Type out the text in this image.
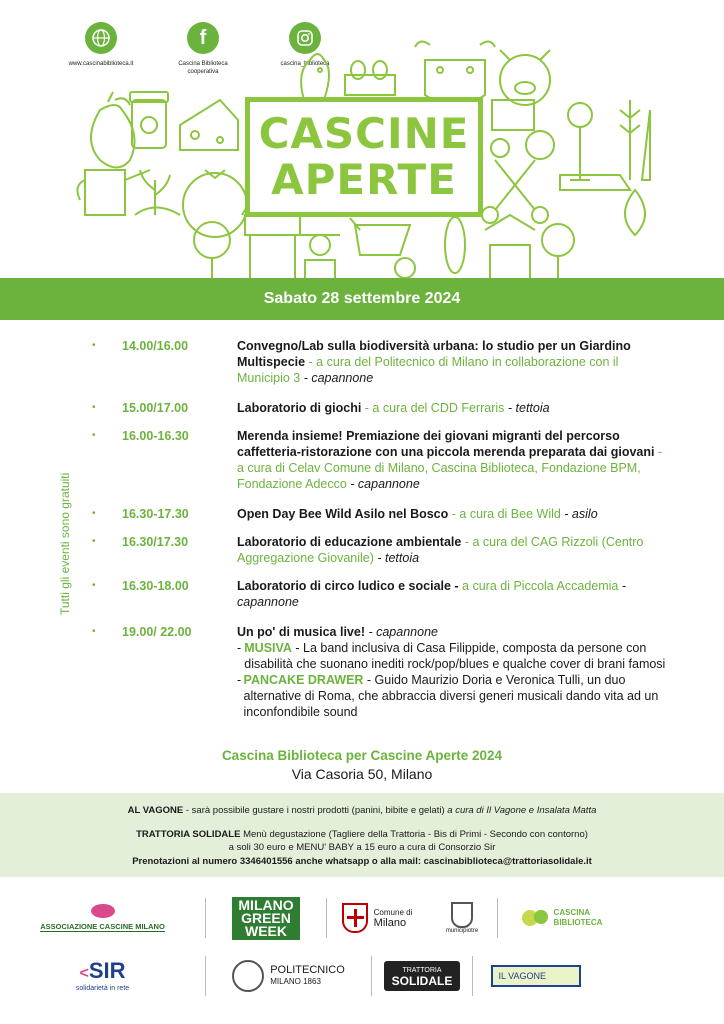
www.cascinabiblioteca.it
f
Cascina Biblioteca cooperativa
cascina_biblioteca
CASCINE
APERTE
Sabato 28 settembre 2024
Tutti gli eventi sono gratuiti
•	14.00/16.00	Convegno/Lab sulla biodiversità urbana: lo studio per un Giardino Multispecie - a cura del Politecnico di Milano in collaborazione con il Municipio 3 - capannone
•	15.00/17.00	Laboratorio di giochi - a cura del CDD Ferraris - tettoia
•	16.00-16.30	Merenda insieme! Premiazione dei giovani migranti del percorso caffetteria-ristorazione con una piccola merenda preparata dai giovani - a cura di Celav Comune di Milano, Cascina Biblioteca, Fondazione BPM, Fondazione Adecco - capannone
•	16.30-17.30	Open Day Bee Wild Asilo nel Bosco - a cura di Bee Wild - asilo
•	16.30/17.30	Laboratorio di educazione ambientale - a cura del CAG Rizzoli (Centro Aggregazione Giovanile) - tettoia
•	16.30-18.00	Laboratorio di circo ludico e sociale - a cura di Piccola Accademia - capannone
•	19.00/ 22.00	Un po' di musica live! - capannone
- MUSIVA - La band inclusiva di Casa Filippide, composta da persone con disabilità che suonano inediti rock/pop/blues e qualche cover di brani famosi
- PANCAKE DRAWER - Guido Maurizio Doria e Veronica Tulli, un duo alternative di Roma, che abbraccia diversi generi musicali dando vita ad un inconfondibile sound
Cascina Biblioteca per Cascine Aperte 2024
Via Casoria 50, Milano
AL VAGONE - sarà possibile gustare i nostri prodotti (panini, bibite e gelati) a cura di Il Vagone e Insalata Matta
TRATTORIA SOLIDALE Menù degustazione (Tagliere della Trattoria - Bis di Primi - Secondo con contorno)
a soli 30 euro e MENU' BABY a 15 euro a cura di Consorzio Sir
Prenotazioni al numero 3346401556 anche whatsapp o alla mail: cascinabiblioteca@trattoriasolidale.it
ASSOCIAZIONE CASCINE MILANO
MILANO
GREEN
WEEK
Comune di
Milano
municipiotre
CASCINA
BIBLIOTECA
<SIR
solidarietà in rete
POLITECNICO
MILANO 1863
TRATTORIA
SOLIDALE	IL VAGONE
